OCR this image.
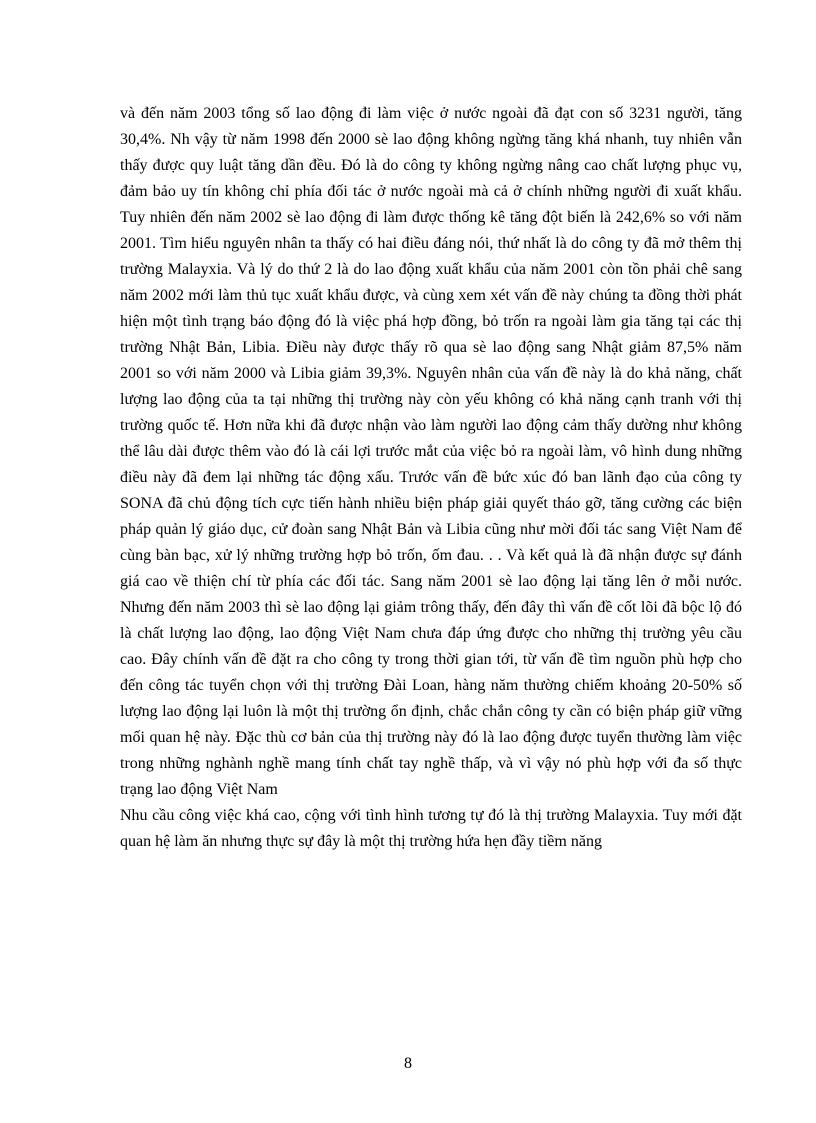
và đến năm 2003 tổng số lao động đi làm việc ở nước ngoài đã đạt con số 3231 người, tăng 30,4%. Nh vậy từ năm 1998 đến 2000 sè lao động không ngừng tăng khá nhanh, tuy nhiên vẫn thấy được quy luật tăng dần đều. Đó là do công ty không ngừng nâng cao chất lượng phục vụ, đảm bảo uy tín không chỉ phía đối tác ở nước ngoài mà cả ở chính những người đi xuất khẩu. Tuy nhiên đến năm 2002 sè lao động đi làm được thống kê tăng đột biến là 242,6% so với năm 2001. Tìm hiểu nguyên nhân ta thấy có hai điều đáng nói, thứ nhất là do công ty đã mở thêm thị trường Malayxia. Và lý do thứ 2 là do lao động xuất khẩu của năm 2001 còn tồn phải chê sang năm 2002 mới làm thủ tục xuất khẩu được, và cùng xem xét vấn đề này chúng ta đồng thời phát hiện một tình trạng báo động đó là việc phá hợp đồng, bỏ trốn ra ngoài làm gia tăng tại các thị trường Nhật Bản, Libia. Điều này được thấy rõ qua sè lao động sang Nhật giảm 87,5% năm 2001 so với năm 2000 và Libia giảm 39,3%. Nguyên nhân của vấn đề này là do khả năng, chất lượng lao động của ta tại những thị trường này còn yếu không có khả năng cạnh tranh với thị trường quốc tế. Hơn nữa khi đã được nhận vào làm người lao động cảm thấy dường như không thể lâu dài được thêm vào đó là cái lợi trước mắt của việc bỏ ra ngoài làm, vô hình dung những điều này đã đem lại những tác động xấu. Trước vấn đề bức xúc đó ban lãnh đạo của công ty SONA đã chủ động tích cực tiến hành nhiều biện pháp giải quyết tháo gỡ, tăng cường các biện pháp quản lý giáo dục, cử đoàn sang Nhật Bản và Libia cũng như mời đối tác sang Việt Nam để cùng bàn bạc, xử lý những trường hợp bỏ trốn, ốm đau. . . Và kết quả là đã nhận được sự đánh giá cao về thiện chí từ phía các đối tác. Sang năm 2001 sè lao động lại tăng lên ở mỗi nước. Nhưng đến năm 2003 thì sè lao động lại giảm trông thấy, đến đây thì vấn đề cốt lõi đã bộc lộ đó là chất lượng lao động, lao động Việt Nam chưa đáp ứng được cho những thị trường yêu cầu cao. Đây chính vấn đề đặt ra cho công ty trong thời gian tới, từ vấn đề tìm nguồn phù hợp cho đến công tác tuyển chọn với thị trường Đài Loan, hàng năm thường chiếm khoảng 20-50% số lượng lao động lại luôn là một thị trường ổn định, chắc chắn công ty cần có biện pháp giữ vững mối quan hệ này. Đặc thù cơ bản của thị trường này đó là lao động được tuyển thường làm việc trong những nghành nghề mang tính chất tay nghề thấp, và vì vậy nó phù hợp với đa số thực trạng lao động Việt Nam

Nhu cầu công việc khá cao, cộng với tình hình tương tự đó là thị trường Malayxia. Tuy mới đặt quan hệ làm ăn nhưng thực sự đây là một thị trường hứa hẹn đầy tiềm năng

8
